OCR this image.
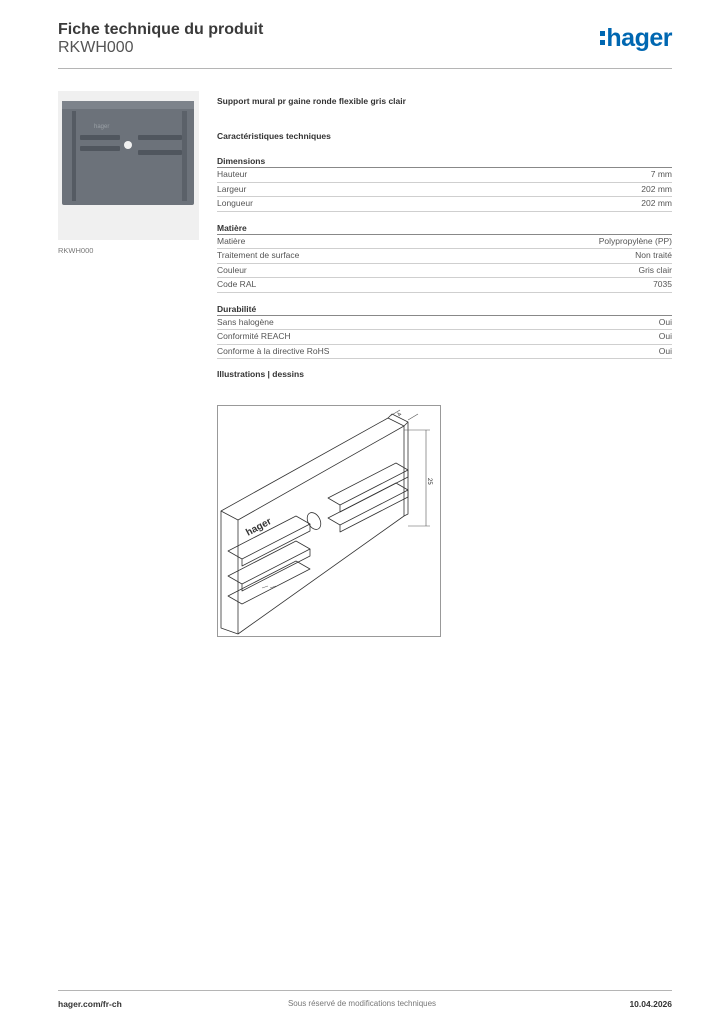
Fiche technique du produit
RKWH000	hager
hager
RKWH000
Support mural pr gaine ronde flexible gris clair
Caractéristiques techniques
Dimensions
Hauteur	7 mm
Largeur	202 mm
Longueur	202 mm
Matière
Matière	Polypropylène (PP)
Traitement de surface	Non traité
Couleur	Gris clair
Code RAL	7035
Durabilité
Sans halogène	Oui
Conformité REACH	Oui
Conforme à la directive RoHS	Oui
Illustrations | dessins
4
25
hager
Sous réservé de modifications techniques
hager.com/fr-ch	10.04.2026
